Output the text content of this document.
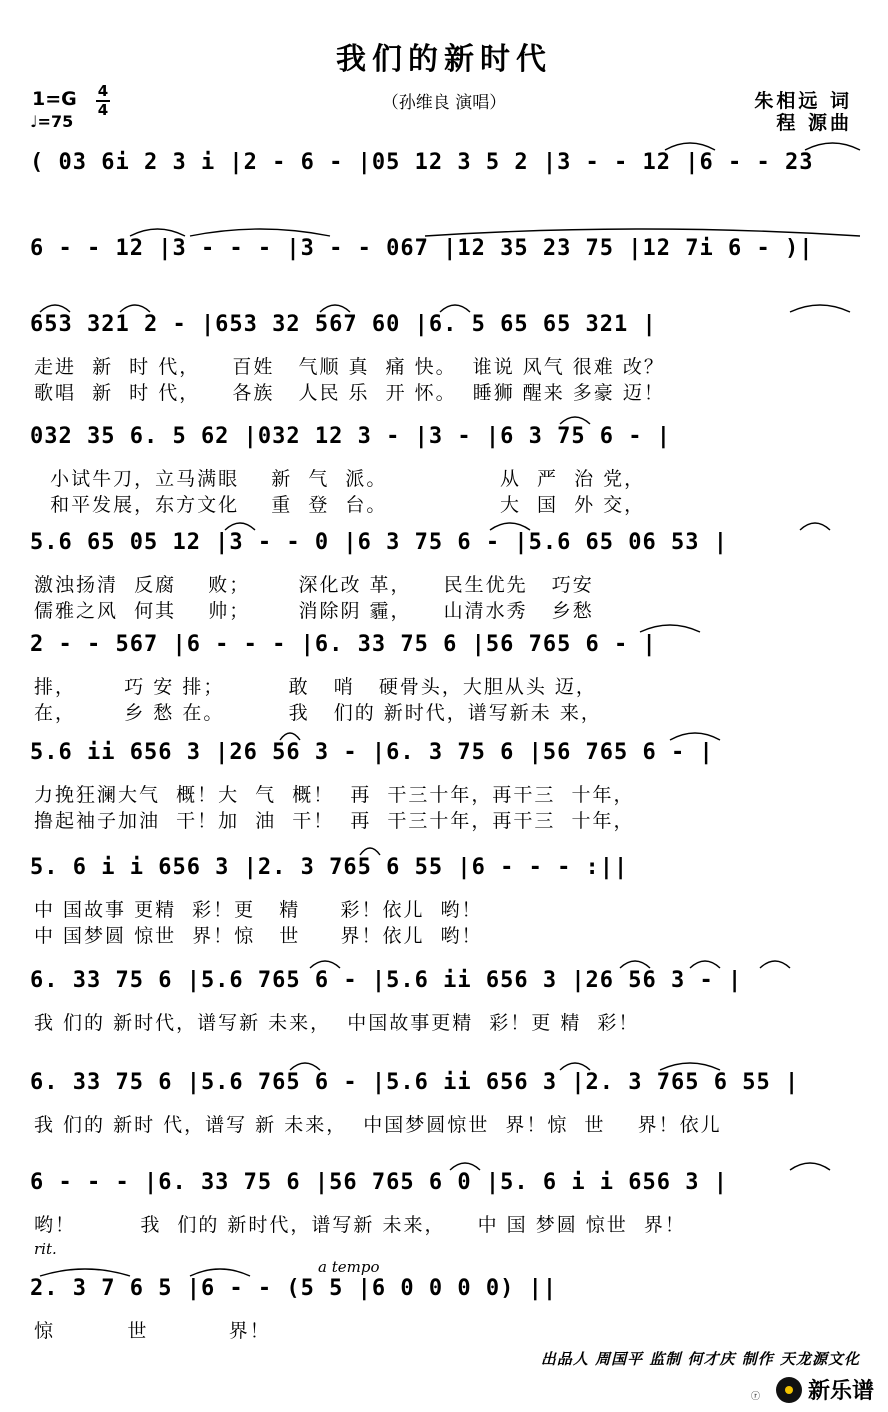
我们的新时代
1=G 4
4
♩=75
（孙维良 演唱）	朱相远 词
程 源曲
( 03 6i 2 3 i |2 - 6 - |05 12 3 5 2 |3 - - 12 |6 - - 23
6 - - 12 |3 - - - |3 - - 067 |12 35 23 75 |12 7i 6 - )|
653 321 2 - |653 32 567 60 |6. 5 65 65 321 |
走进  新  时 代，    百姓   气顺 真  痛 快。  谁说 风气 很难 改？
歌唱  新  时 代，    各族   人民 乐  开 怀。  睡狮 醒来 多豪 迈！
032 35 6. 5 62 |032 12 3 - |3 - |6 3 75 6 - |
小试牛刀，立马满眼    新  气  派。              从  严  治 党，
和平发展，东方文化    重  登  台。              大  国  外 交，
5.6 65 05 12 |3 - - 0 |6 3 75 6 - |5.6 65 06 53 |
激浊扬清  反腐    败；      深化改 革，    民生优先   巧安
儒雅之风  何其    帅；      消除阴 霾，    山清水秀   乡愁
2 - - 567 |6 - - - |6. 33 75 6 |56 765 6 - |
排，      巧 安 排；        敢   哨   硬骨头，大胆从头 迈，
在，      乡 愁 在。        我   们的 新时代，谱写新未 来，
5.6 ii 656 3 |26 56 3 - |6. 3 75 6 |56 765 6 - |
力挽狂澜大气  概！大  气  概！  再  干三十年，再干三  十年，
撸起袖子加油  干！加  油  干！  再  干三十年，再干三  十年，
5. 6 i i 656 3 |2. 3 765 6 55 |6 - - - :||
中 国故事 更精  彩！更   精     彩！依儿  哟！
中 国梦圆 惊世  界！惊   世     界！依儿  哟！
6. 33 75 6 |5.6 765 6 - |5.6 ii 656 3 |26 56 3 - |
我 们的 新时代，谱写新 未来，  中国故事更精  彩！更 精  彩！
6. 33 75 6 |5.6 765 6 - |5.6 ii 656 3 |2. 3 765 6 55 |
我 们的 新时 代，谱写 新 未来，  中国梦圆惊世  界！惊  世    界！依儿
6 - - - |6. 33 75 6 |56 765 6 0 |5. 6 i i 656 3 |
哟！        我  们的 新时代，谱写新 未来，    中 国 梦圆 惊世  界！
2. 3 7 6 5 |6 - - (5 5 |6 0 0 0 0) ||
惊         世          界！
rit.
a tempo
出品人 周国平 监制 何才庆 制作 天龙源文化
ⓡ 新乐谱
